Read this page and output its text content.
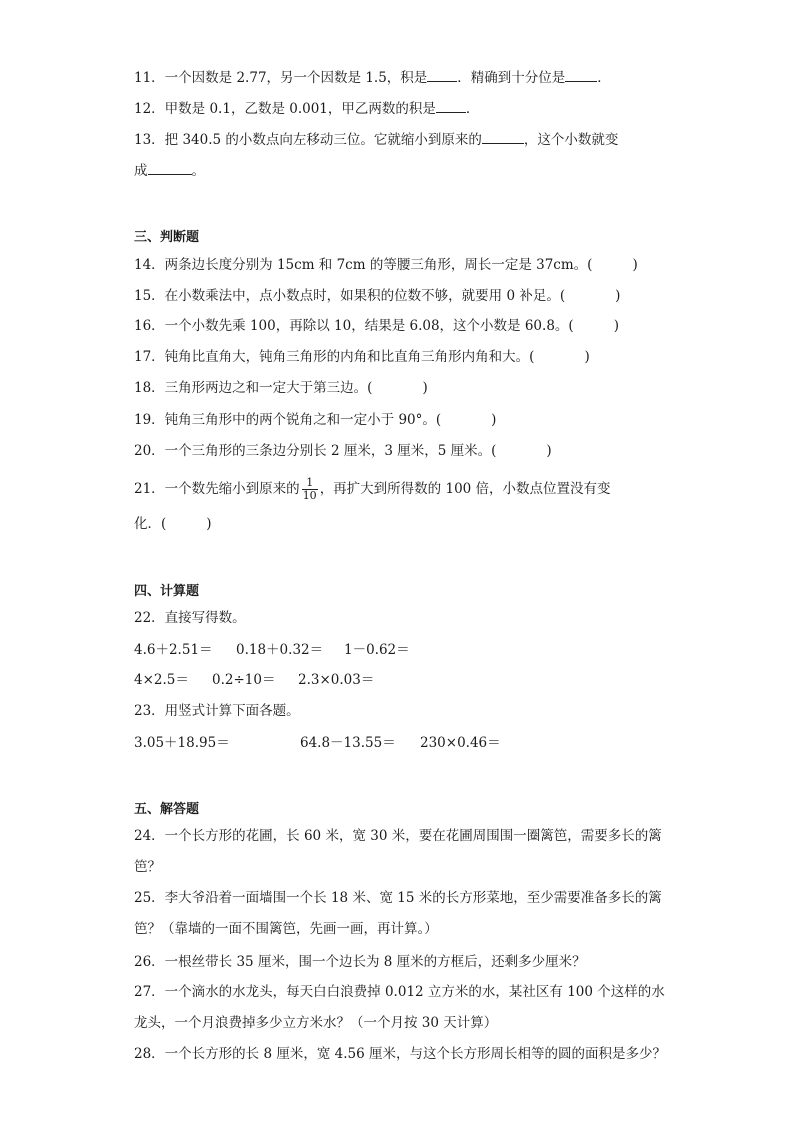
11．一个因数是 2.77，另一个因数是 1.5，积是 ．精确到十分位是 ．
12．甲数是 0.1，乙数是 0.001，甲乙两数的积是 ．
13．把 340.5 的小数点向左移动三位。它就缩小到原来的	，这个小数就变
成	。
三、判断题
14．两条边长度分别为 15cm 和 7cm 的等腰三角形，周长一定是 37cm。(	)
15．在小数乘法中，点小数点时，如果积的位数不够，就要用 0 补足。(	)
16．一个小数先乘 100，再除以 10，结果是 6.08，这个小数是 60.8。(	)
17．钝角比直角大，钝角三角形的内角和比直角三角形内角和大。(	)
18．三角形两边之和一定大于第三边。(	)
19．钝角三角形中的两个锐角之和一定小于 90°。(	)
20．一个三角形的三条边分别长 2 厘米，3 厘米，5 厘米。(	)
21．一个数先缩小到原来的 $\frac{1}{10}$ ，再扩大到所得数的 100 倍，小数点位置没有变
化．(	)
四、计算题
22．直接写得数。
4.6＋2.51＝ 0.18＋0.32＝ 1－0.62＝
4×2.5＝ 0.2÷10＝ 2.3×0.03＝
23．用竖式计算下面各题。
3.05＋18.95＝	64.8－13.55＝ 230×0.46＝
五、解答题
24．一个长方形的花圃，长 60 米，宽 30 米，要在花圃周围围一圈篱笆，需要多长的篱
笆？
25．李大爷沿着一面墙围一个长 18 米、宽 15 米的长方形菜地，至少需要准备多长的篱
笆？（靠墙的一面不围篱笆，先画一画，再计算。）
26．一根丝带长 35 厘米，围一个边长为 8 厘米的方框后，还剩多少厘米？
27．一个滴水的水龙头，每天白白浪费掉 0.012 立方米的水，某社区有 100 个这样的水
龙头，一个月浪费掉多少立方米水？（一个月按 30 天计算）
28．一个长方形的长 8 厘米，宽 4.56 厘米，与这个长方形周长相等的圆的面积是多少？
